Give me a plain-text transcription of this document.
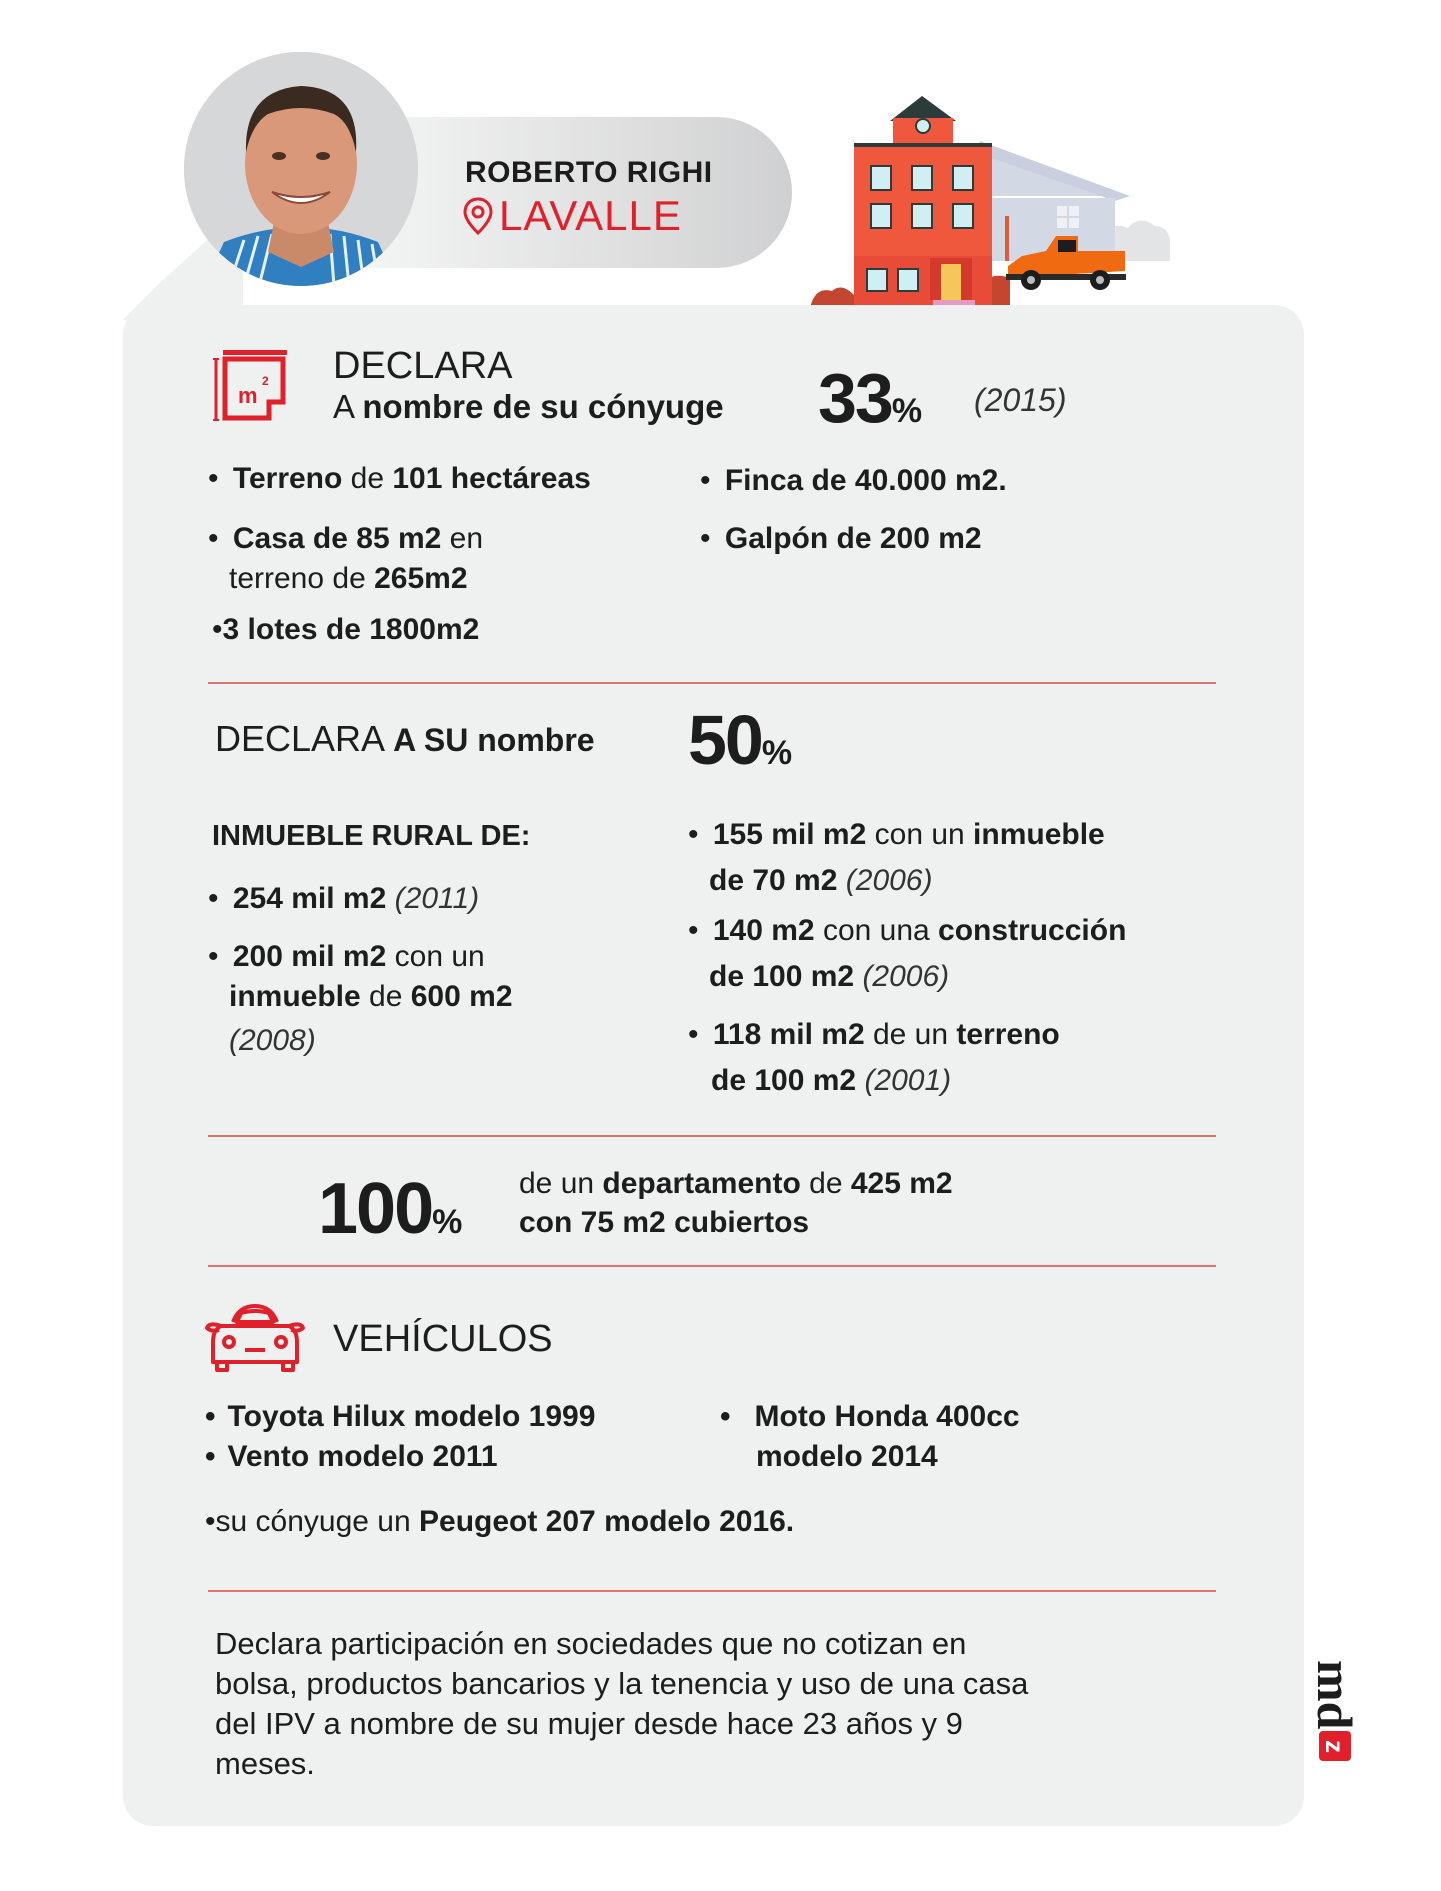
ROBERTO RIGHI
LAVALLE
m
2 DECLARA
A nombre de su cónyuge 33% (2015)
• Terreno de 101 hectáreas
• Casa de 85 m2 en
terreno de 265m2
•3 lotes de 1800m2
• Finca de 40.000 m2.
• Galpón de 200 m2
DECLARA A SU nombre 50%
INMUEBLE RURAL DE:
• 254 mil m2 (2011)
• 200 mil m2 con un
inmueble de 600 m2
(2008)
• 155 mil m2 con un inmueble
de 70 m2 (2006)
• 140 m2 con una construcción
de 100 m2 (2006)
• 118 mil m2 de un terreno
de 100 m2 (2001)
100%
de un departamento de 425 m2
con 75 m2 cubiertos
VEHÍCULOS
• Toyota Hilux modelo 1999
• Vento modelo 2011
• Moto Honda 400cc
modelo 2014
•su cónyuge un Peugeot 207 modelo 2016.
Declara participación en sociedades que no cotizan en
bolsa, productos bancarios y la tenencia y uso de una casa
del IPV a nombre de su mujer desde hace 23 años y 9
meses.
md
z
